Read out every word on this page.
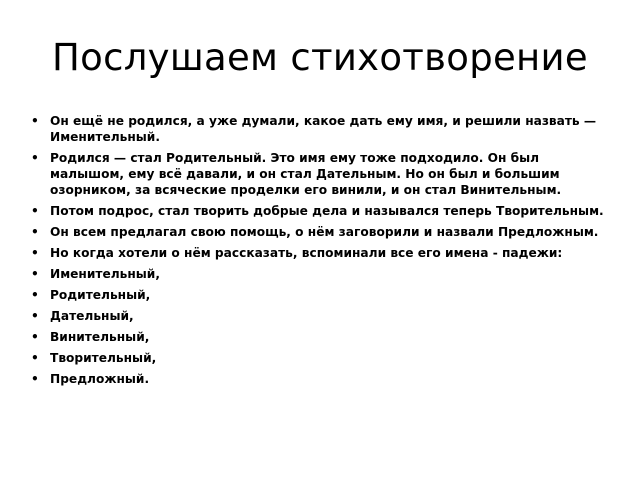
Послушаем стихотворение
• Он ещё не родился, а уже думали, какое дать ему имя, и решили назвать — Именительный.
• Родился — стал Родительный. Это имя ему тоже подходило. Он был малышом, ему всё давали, и он стал Дательным. Но он был и большим озорником, за всяческие проделки его винили, и он стал Винительным.
• Потом подрос, стал творить добрые дела и назывался теперь Творительным.
• Он всем предлагал свою помощь, о нём заговорили и назвали Предложным.
• Но когда хотели о нём рассказать, вспоминали все его имена - падежи:
• Именительный,
• Родительный,
• Дательный,
• Винительный,
• Творительный,
• Предложный.
